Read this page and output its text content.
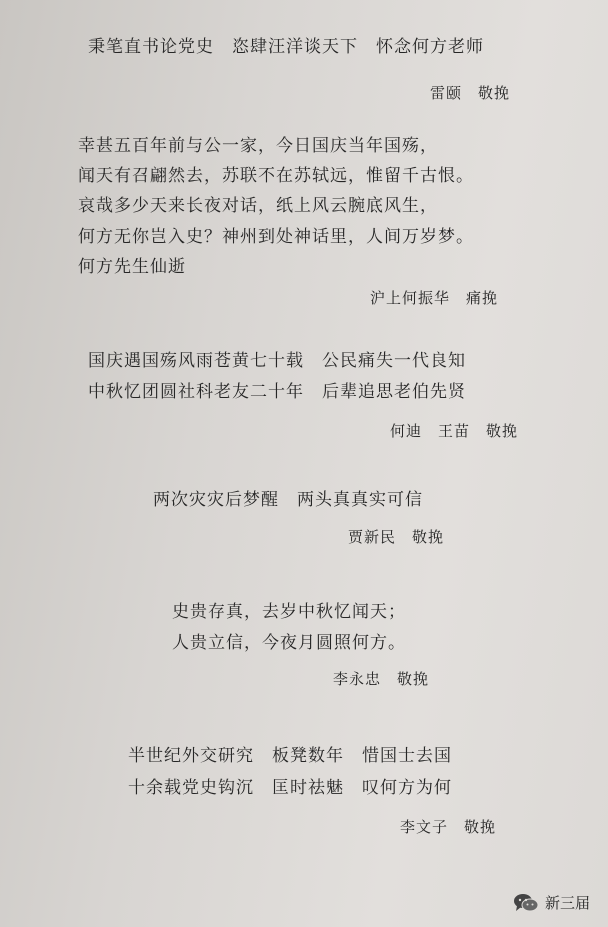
秉笔直书论党史　恣肆汪洋谈天下　怀念何方老师
雷颐　敬挽
幸甚五百年前与公一家，今日国庆当年国殇，
闻天有召翩然去，苏联不在苏轼远，惟留千古恨。
哀哉多少天来长夜对话，纸上风云腕底风生，
何方无你岂入史？神州到处神话里，人间万岁梦。
何方先生仙逝
沪上何振华　痛挽
国庆遇国殇风雨苍黄七十载　公民痛失一代良知
中秋忆团圆社科老友二十年　后辈追思老伯先贤
何迪　王苗　敬挽
两次灾灾后梦醒　两头真真实可信
贾新民　敬挽
史贵存真，去岁中秋忆闻天；
人贵立信，今夜月圆照何方。
李永忠　敬挽
半世纪外交研究　板凳数年　惜国士去国
十余载党史钩沉　匡时祛魅　叹何方为何
李文子　敬挽
新三届
